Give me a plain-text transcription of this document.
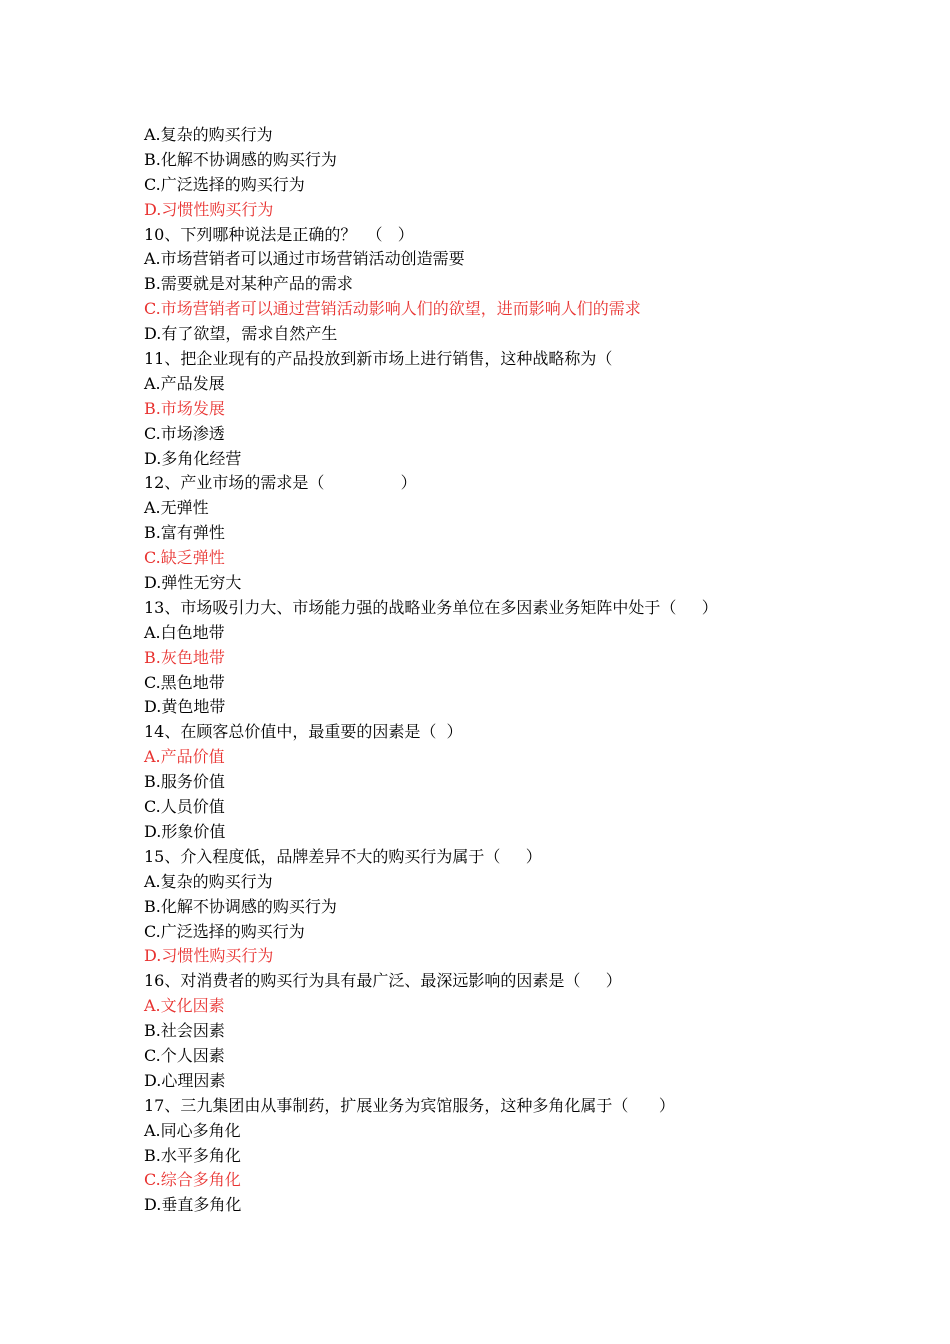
A.复杂的购买行为
B.化解不协调感的购买行为
C.广泛选择的购买行为
D.习惯性购买行为
10、下列哪种说法是正确的？  （   ）
A.市场营销者可以通过市场营销活动创造需要
B.需要就是对某种产品的需求
C.市场营销者可以通过营销活动影响人们的欲望，进而影响人们的需求
D.有了欲望，需求自然产生
11、把企业现有的产品投放到新市场上进行销售，这种战略称为（
A.产品发展
B.市场发展
C.市场渗透
D.多角化经营
12、产业市场的需求是（               ）
A.无弹性
B.富有弹性
C.缺乏弹性
D.弹性无穷大
13、市场吸引力大、市场能力强的战略业务单位在多因素业务矩阵中处于（     ）
A.白色地带
B.灰色地带
C.黑色地带
D.黄色地带
14、在顾客总价值中，最重要的因素是（  ）
A.产品价值
B.服务价值
C.人员价值
D.形象价值
15、介入程度低，品牌差异不大的购买行为属于（     ）
A.复杂的购买行为
B.化解不协调感的购买行为
C.广泛选择的购买行为
D.习惯性购买行为
16、对消费者的购买行为具有最广泛、最深远影响的因素是（     ）
A.文化因素
B.社会因素
C.个人因素
D.心理因素
17、三九集团由从事制药，扩展业务为宾馆服务，这种多角化属于（      ）
A.同心多角化
B.水平多角化
C.综合多角化
D.垂直多角化
